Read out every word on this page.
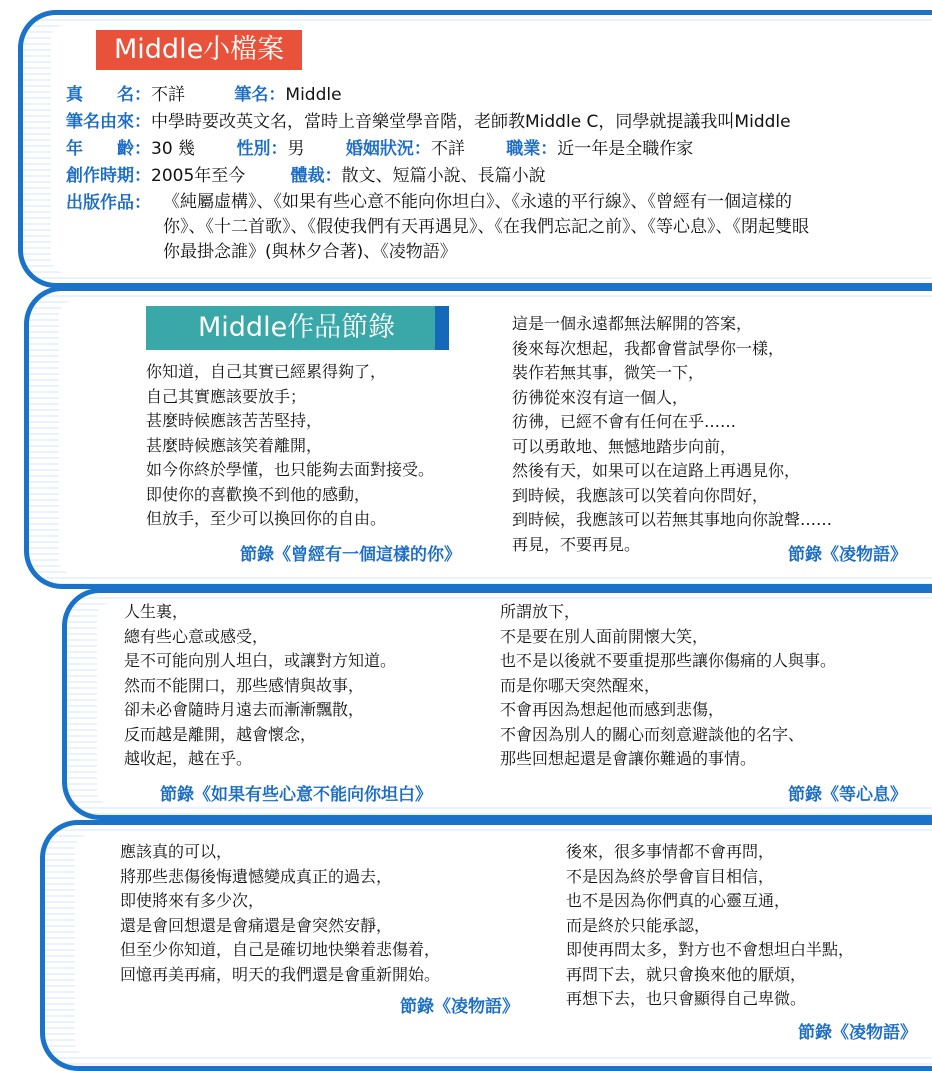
Middle小檔案
真　　名：不詳	筆名：Middle
筆名由來：中學時要改英文名，當時上音樂堂學音階，老師教Middle C，同學就提議我叫Middle
年　　齡：30 幾 性別：男 婚姻狀況：不詳 職業：近一年是全職作家
創作時期：2005年至今	體裁：散文、短篇小說、長篇小說
出版作品： 《純屬虛構》、《如果有些心意不能向你坦白》、《永遠的平行線》、《曾經有一個這樣的
你》、《十二首歌》、《假使我們有天再遇見》、《在我們忘記之前》、《等心息》、《閉起雙眼
你最掛念誰》(與林夕合著)、《凌物語》
Middle作品節錄
你知道，自己其實已經累得夠了，
自己其實應該要放手；
甚麼時候應該苦苦堅持，
甚麼時候應該笑着離開，
如今你終於學懂，也只能夠去面對接受。
即使你的喜歡換不到他的感動，
但放手，至少可以換回你的自由。
節錄《曾經有一個這樣的你》
這是一個永遠都無法解開的答案，
後來每次想起，我都會嘗試學你一樣，
裝作若無其事，微笑一下，
彷彿從來沒有這一個人，
彷彿，已經不會有任何在乎……
可以勇敢地、無憾地踏步向前，
然後有天，如果可以在這路上再遇見你，
到時候，我應該可以笑着向你問好，
到時候，我應該可以若無其事地向你說聲……
再見，不要再見。
節錄《凌物語》
人生裏，
總有些心意或感受，
是不可能向別人坦白，或讓對方知道。
然而不能開口，那些感情與故事，
卻未必會隨時月遠去而漸漸飄散，
反而越是離開，越會懷念，
越收起，越在乎。
節錄《如果有些心意不能向你坦白》
所謂放下，
不是要在別人面前開懷大笑，
也不是以後就不要重提那些讓你傷痛的人與事。
而是你哪天突然醒來，
不會再因為想起他而感到悲傷，
不會因為別人的關心而刻意避談他的名字、
那些回想起還是會讓你難過的事情。
節錄《等心息》
應該真的可以，
將那些悲傷後悔遺憾變成真正的過去，
即使將來有多少次，
還是會回想還是會痛還是會突然安靜，
但至少你知道，自己是確切地快樂着悲傷着，
回憶再美再痛，明天的我們還是會重新開始。
節錄《凌物語》
後來，很多事情都不會再問，
不是因為終於學會盲目相信，
也不是因為你們真的心靈互通，
而是終於只能承認，
即使再問太多，對方也不會想坦白半點，
再問下去，就只會換來他的厭煩，
再想下去，也只會顯得自己卑微。
節錄《凌物語》
